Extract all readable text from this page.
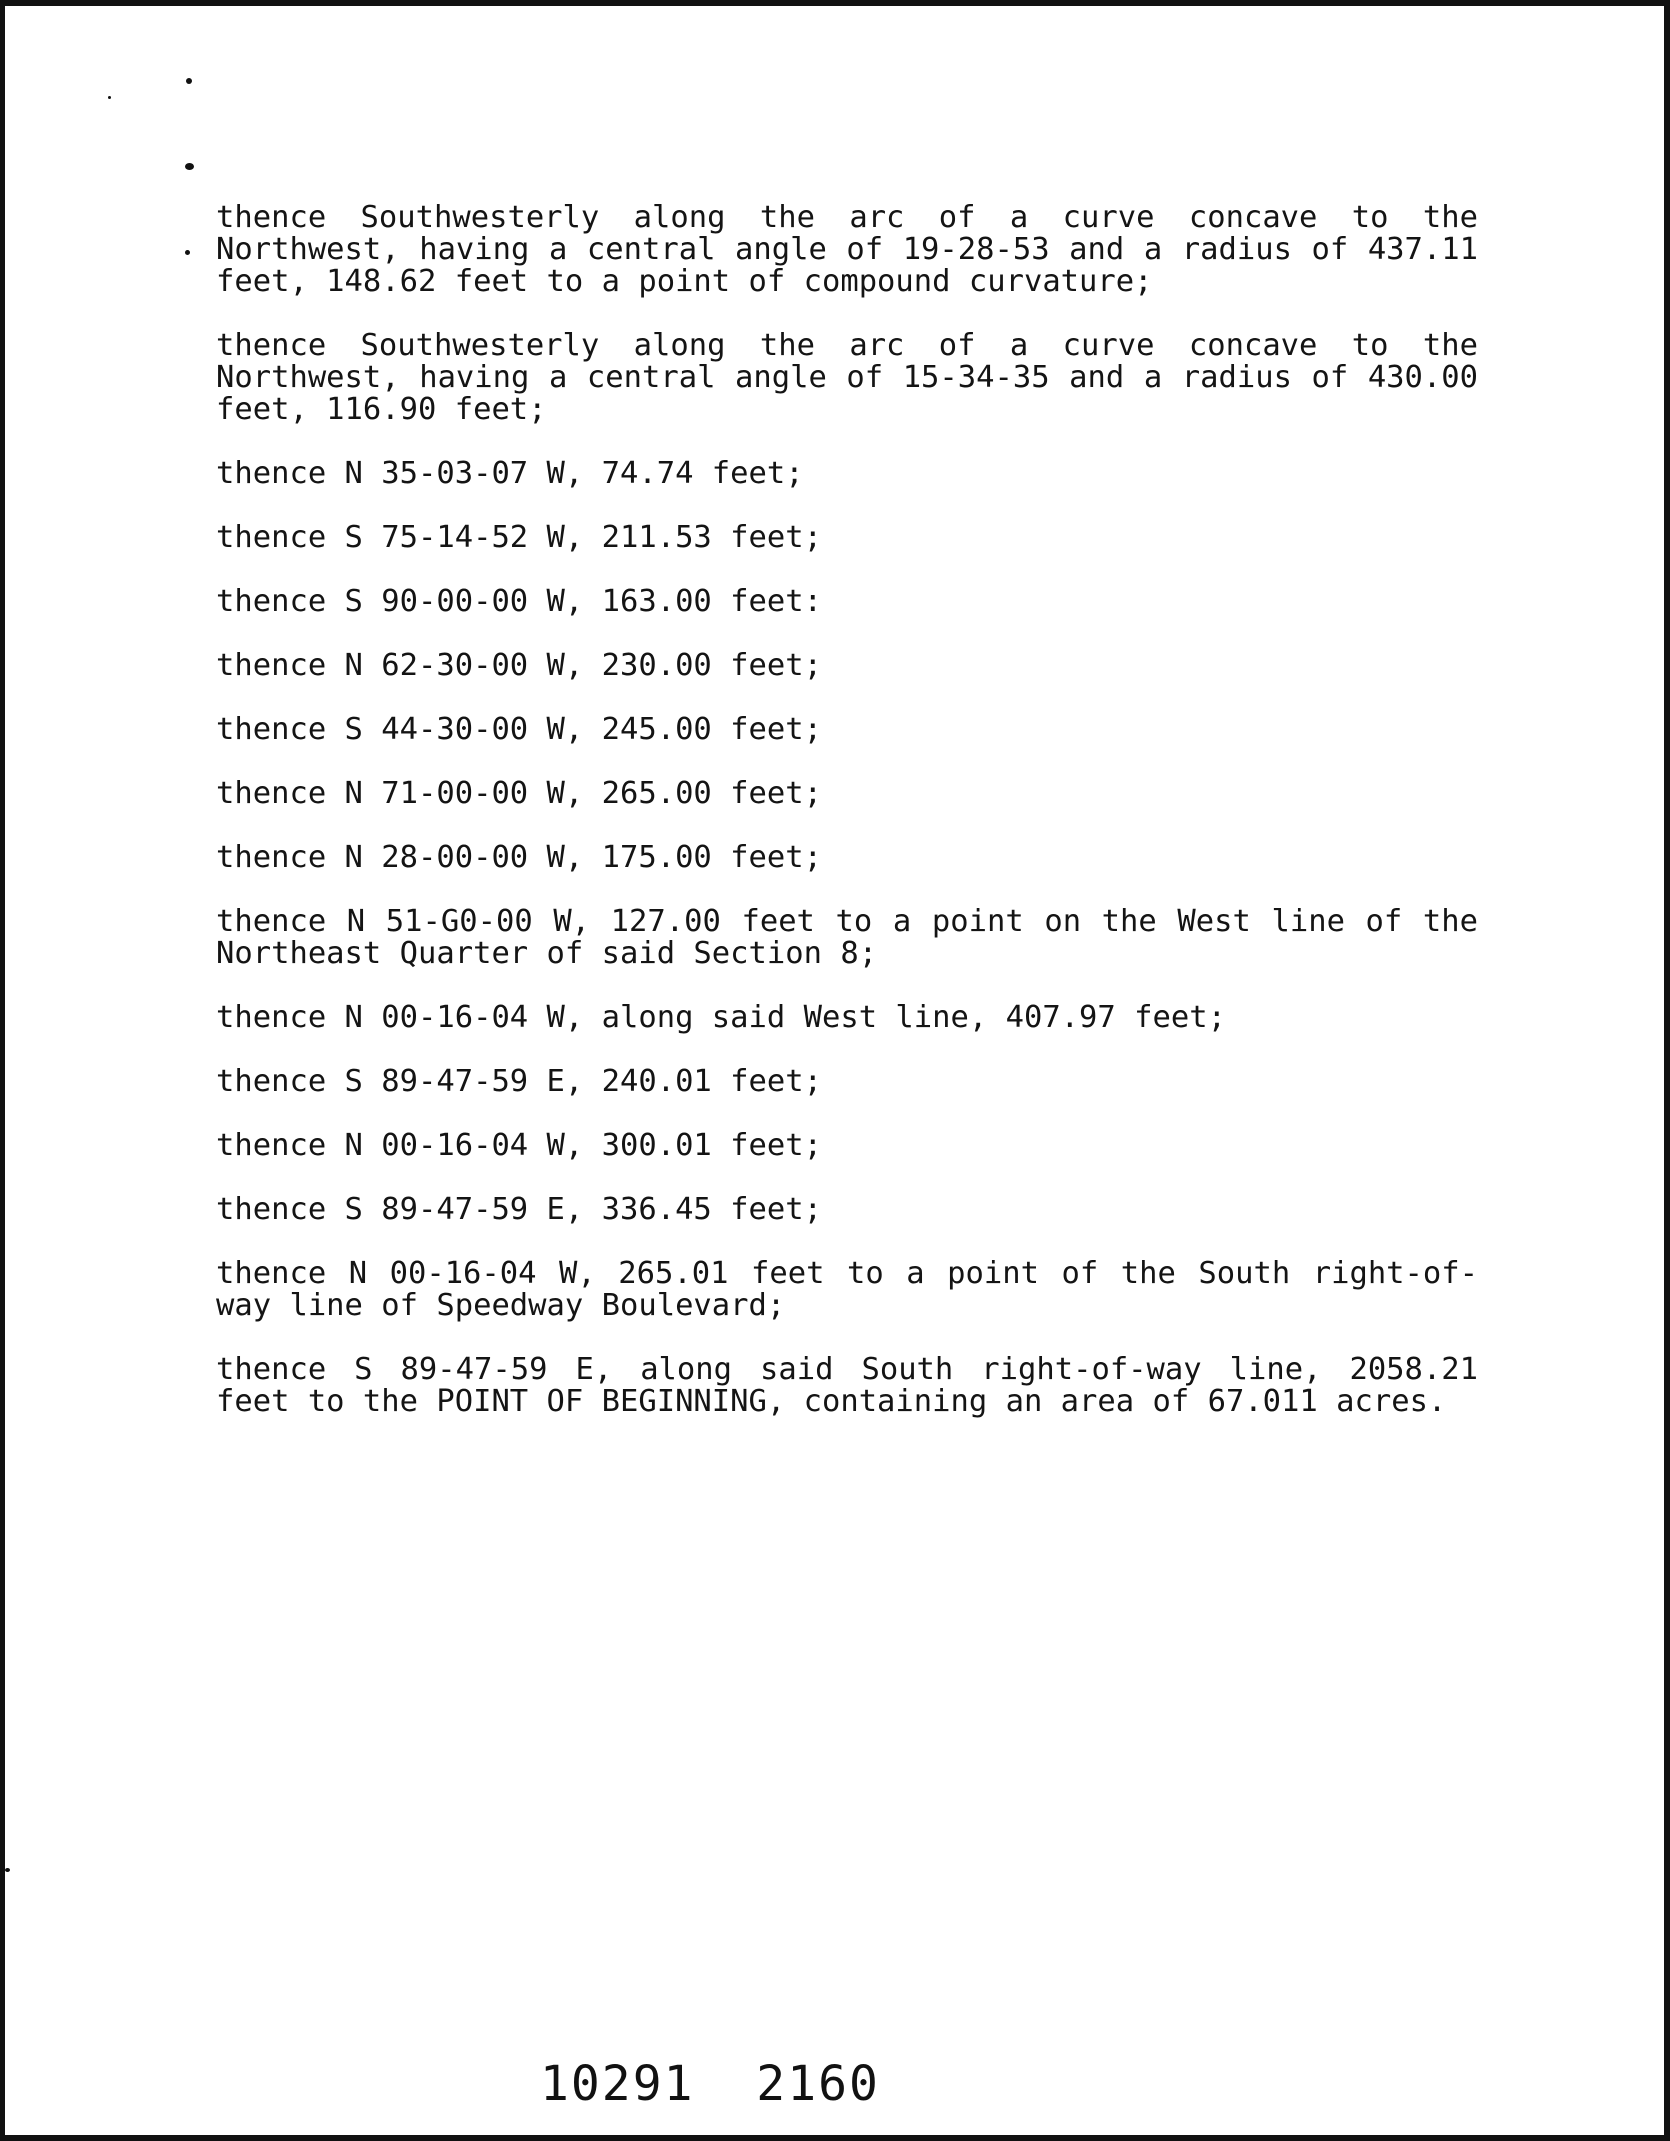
thence Southwesterly along the arc of a curve concave to the Northwest, having a central angle of 19-28-53 and a radius of 437.11 feet, 148.62 feet to a point of compound curvature;

thence Southwesterly along the arc of a curve concave to the Northwest, having a central angle of 15-34-35 and a radius of 430.00 feet, 116.90 feet;

thence N 35-03-07 W, 74.74 feet;

thence S 75-14-52 W, 211.53 feet;

thence S 90-00-00 W, 163.00 feet:

thence N 62-30-00 W, 230.00 feet;

thence S 44-30-00 W, 245.00 feet;

thence N 71-00-00 W, 265.00 feet;

thence N 28-00-00 W, 175.00 feet;

thence N 51-G0-00 W, 127.00 feet to a point on the West line of the Northeast Quarter of said Section 8;

thence N 00-16-04 W, along said West line, 407.97 feet;

thence S 89-47-59 E, 240.01 feet;

thence N 00-16-04 W, 300.01 feet;

thence S 89-47-59 E, 336.45 feet;

thence N 00-16-04 W, 265.01 feet to a point of the South right-of-way line of Speedway Boulevard;

thence S 89-47-59 E, along said South right-of-way line, 2058.21 feet to the POINT OF BEGINNING, containing an area of 67.011 acres.

10291  2160
